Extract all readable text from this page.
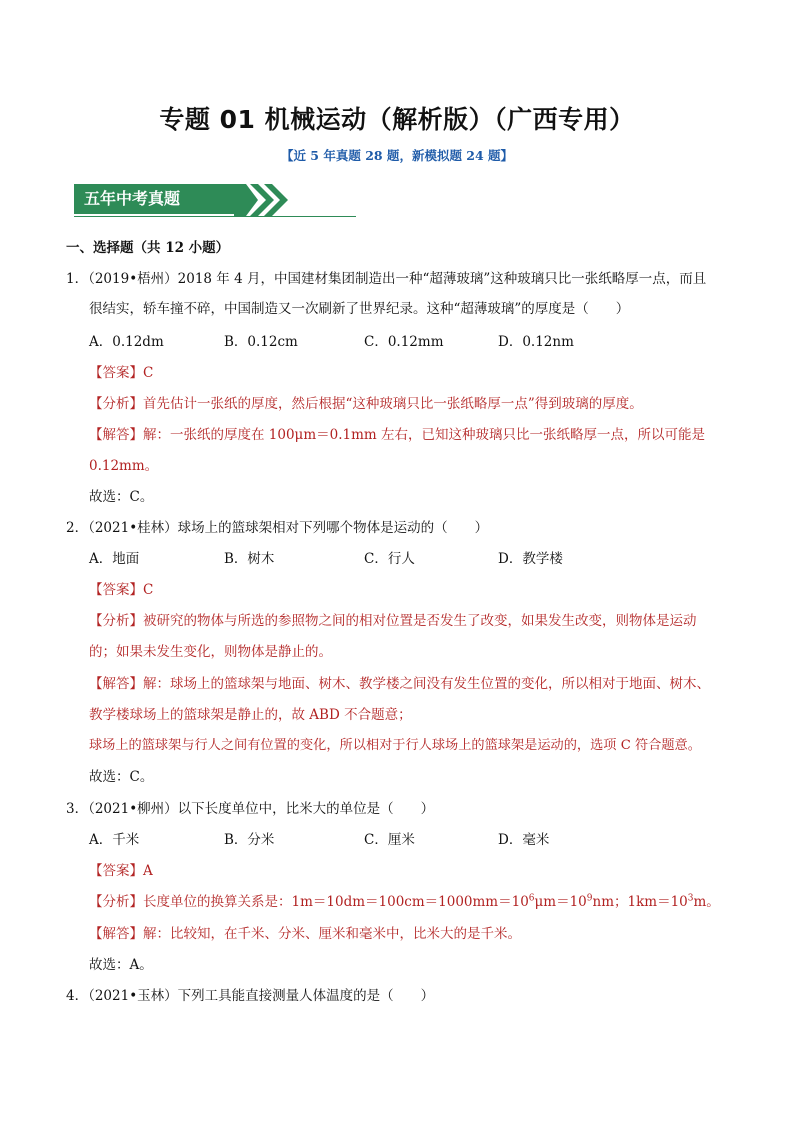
专题 01 机械运动（解析版）（广西专用）
【近 5 年真题 28 题，新模拟题 24 题】
五年中考真题
一、选择题（共 12 小题）
1．（2019•梧州）2018 年 4 月，中国建材集团制造出一种“超薄玻璃”这种玻璃只比一张纸略厚一点，而且
很结实，轿车撞不碎，中国制造又一次刷新了世界纪录。这种“超薄玻璃”的厚度是（　　）
A．0.12dm	B．0.12cm	C．0.12mm	D．0.12nm
【答案】C
【分析】首先估计一张纸的厚度，然后根据“这种玻璃只比一张纸略厚一点”得到玻璃的厚度。
【解答】解：一张纸的厚度在 100μm＝0.1mm 左右，已知这种玻璃只比一张纸略厚一点，所以可能是
0.12mm。
故选：C。
2．（2021•桂林）球场上的篮球架相对下列哪个物体是运动的（　　）
A．地面	B．树木	C．行人	D．教学楼
【答案】C
【分析】被研究的物体与所选的参照物之间的相对位置是否发生了改变，如果发生改变，则物体是运动
的；如果未发生变化，则物体是静止的。
【解答】解：球场上的篮球架与地面、树木、教学楼之间没有发生位置的变化，所以相对于地面、树木、
教学楼球场上的篮球架是静止的，故 ABD 不合题意；
球场上的篮球架与行人之间有位置的变化，所以相对于行人球场上的篮球架是运动的，选项 C 符合题意。
故选：C。
3．（2021•柳州）以下长度单位中，比米大的单位是（　　）
A．千米	B．分米	C．厘米	D．毫米
【答案】A
【分析】长度单位的换算关系是：$1m=10dm=100cm=1000mm=10^6\mu m=10^9nm$；$1km=10^3m$。
【解答】解：比较知，在千米、分米、厘米和毫米中，比米大的是千米。
故选：A。
4．（2021•玉林）下列工具能直接测量人体温度的是（　　）
